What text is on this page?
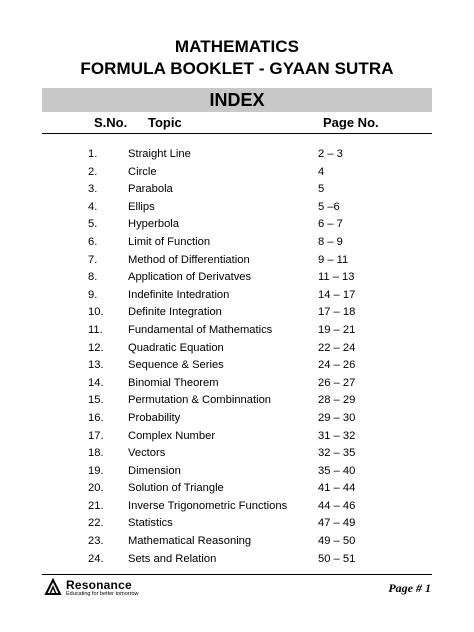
MATHEMATICS
FORMULA BOOKLET - GYAAN SUTRA
INDEX
S.No. Topic	Page No.
1.	Straight Line	2 – 3
2.	Circle	4
3.	Parabola	5
4.	Ellips	5 –6
5.	Hyperbola	6 – 7
6.	Limit of Function	8 – 9
7.	Method of Differentiation	9 – 11
8.	Application of Derivatves	11 – 13
9.	Indefinite Intedration	14 – 17
10. Definite Integration	17 – 18
11. Fundamental of Mathematics	19 – 21
12. Quadratic Equation	22 – 24
13. Sequence & Series	24 – 26
14. Binomial Theorem	26 – 27
15. Permutation & Combinnation	28 – 29
16. Probability	29 – 30
17. Complex Number	31 – 32
18. Vectors	32 – 35
19. Dimension	35 – 40
20. Solution of Triangle	41 – 44
21. Inverse Trigonometric Functions	44 – 46
22. Statistics	47 – 49
23. Mathematical Reasoning	49 – 50
24. Sets and Relation	50 – 51
Resonance
Educating for better tomorrow	Page # 1
